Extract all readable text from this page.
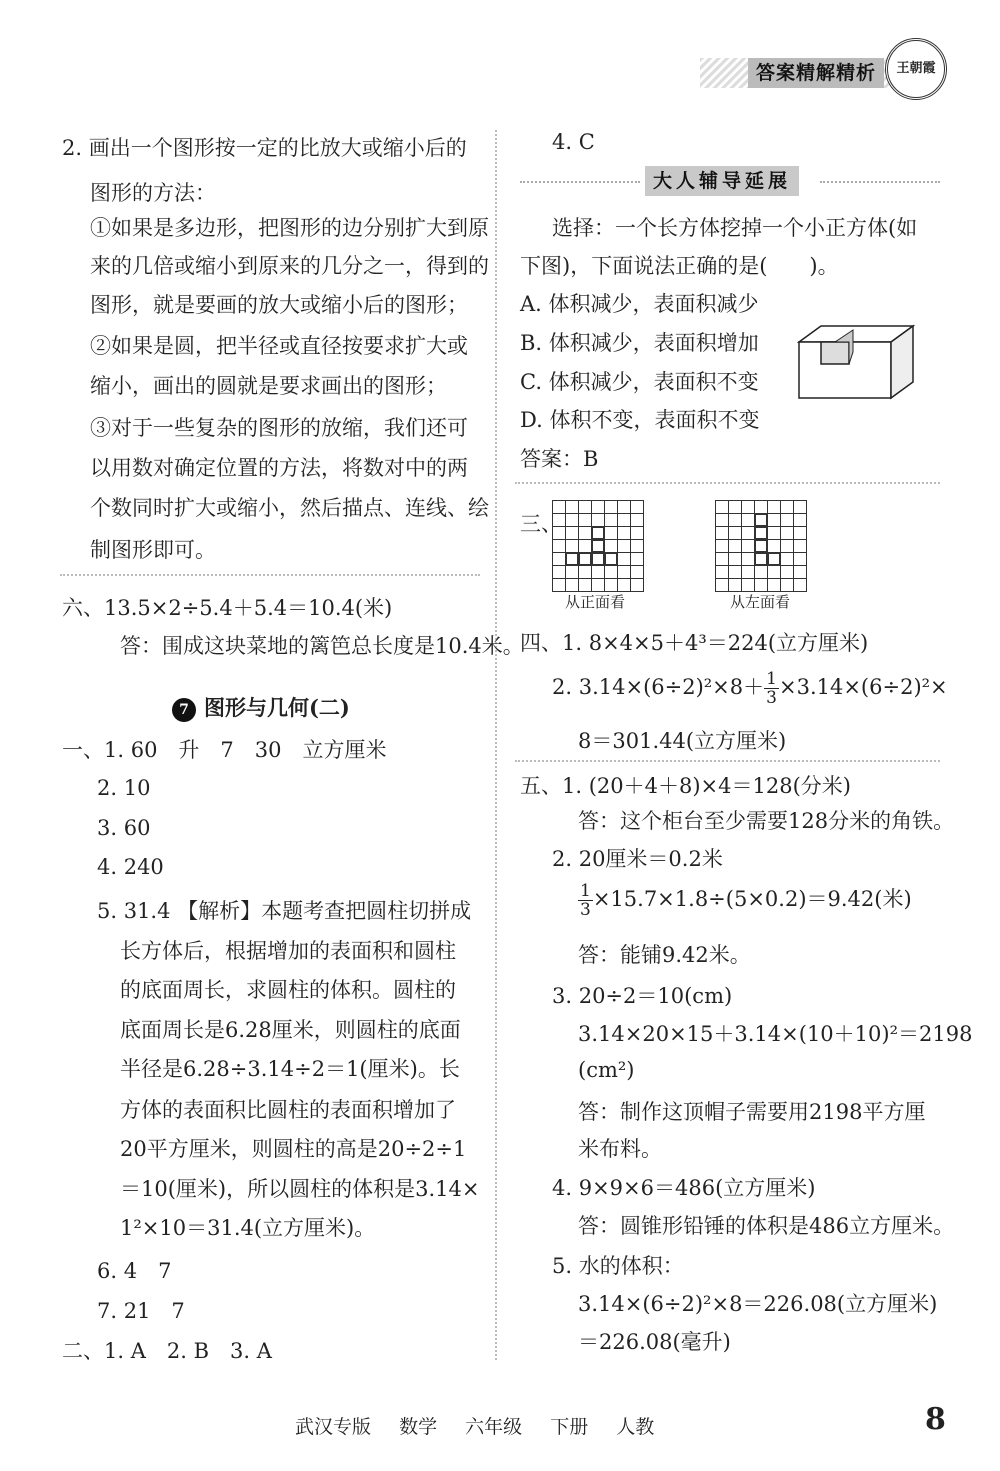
答案精解精析	王朝霞
2. 画出一个图形按一定的比放大或缩小后的
图形的方法：
①如果是多边形，把图形的边分别扩大到原
来的几倍或缩小到原来的几分之一，得到的
图形，就是要画的放大或缩小后的图形；
②如果是圆，把半径或直径按要求扩大或
缩小，画出的圆就是要求画出的图形；
③对于一些复杂的图形的放缩，我们还可
以用数对确定位置的方法，将数对中的两
个数同时扩大或缩小，然后描点、连线、绘
制图形即可。
六、13.5×2÷5.4＋5.4＝10.4(米)
答：围成这块菜地的篱笆总长度是10.4米。
7 图形与几何(二)
一、1. 60　升　7　30　立方厘米
2. 10
3. 60
4. 240
5. 31.4 【解析】本题考查把圆柱切拼成
长方体后，根据增加的表面积和圆柱
的底面周长，求圆柱的体积。圆柱的
底面周长是6.28厘米，则圆柱的底面
半径是6.28÷3.14÷2＝1(厘米)。长
方体的表面积比圆柱的表面积增加了
20平方厘米，则圆柱的高是20÷2÷1
＝10(厘米)，所以圆柱的体积是3.14×
1²×10＝31.4(立方厘米)。
6. 4　7
7. 21　7
二、1. A　2. B　3. A
4. C
大人辅导延展
选择：一个长方体挖掉一个小正方体(如
下图)，下面说法正确的是(　　)。
A. 体积减少，表面积减少
B. 体积减少，表面积增加
C. 体积减少，表面积不变
D. 体积不变，表面积不变
答案：B
三、
从正面看	从左面看
四、1. 8×4×5＋4³＝224(立方厘米)
2. $3.14\times(6\div 2)^2\times 8+ \frac{1}{3} \times 3.14\times(6\div 2)^2\times$
8＝301.44(立方厘米)
五、1. (20＋4＋8)×4＝128(分米)
答：这个柜台至少需要128分米的角铁。
2. 20厘米＝0.2米
$\frac{1}{3} \times 15.7\times 1.8\div(5\times 0.2)=9.42$(米)
答：能铺9.42米。
3. 20÷2＝10(cm)
3.14×20×15＋3.14×(10＋10)²＝2198
(cm²)
答：制作这顶帽子需要用2198平方厘
米布料。
4. 9×9×6＝486(立方厘米)
答：圆锥形铅锤的体积是486立方厘米。
5. 水的体积：
3.14×(6÷2)²×8＝226.08(立方厘米)
＝226.08(毫升)
武汉专版 数学 六年级 下册 人教	8
